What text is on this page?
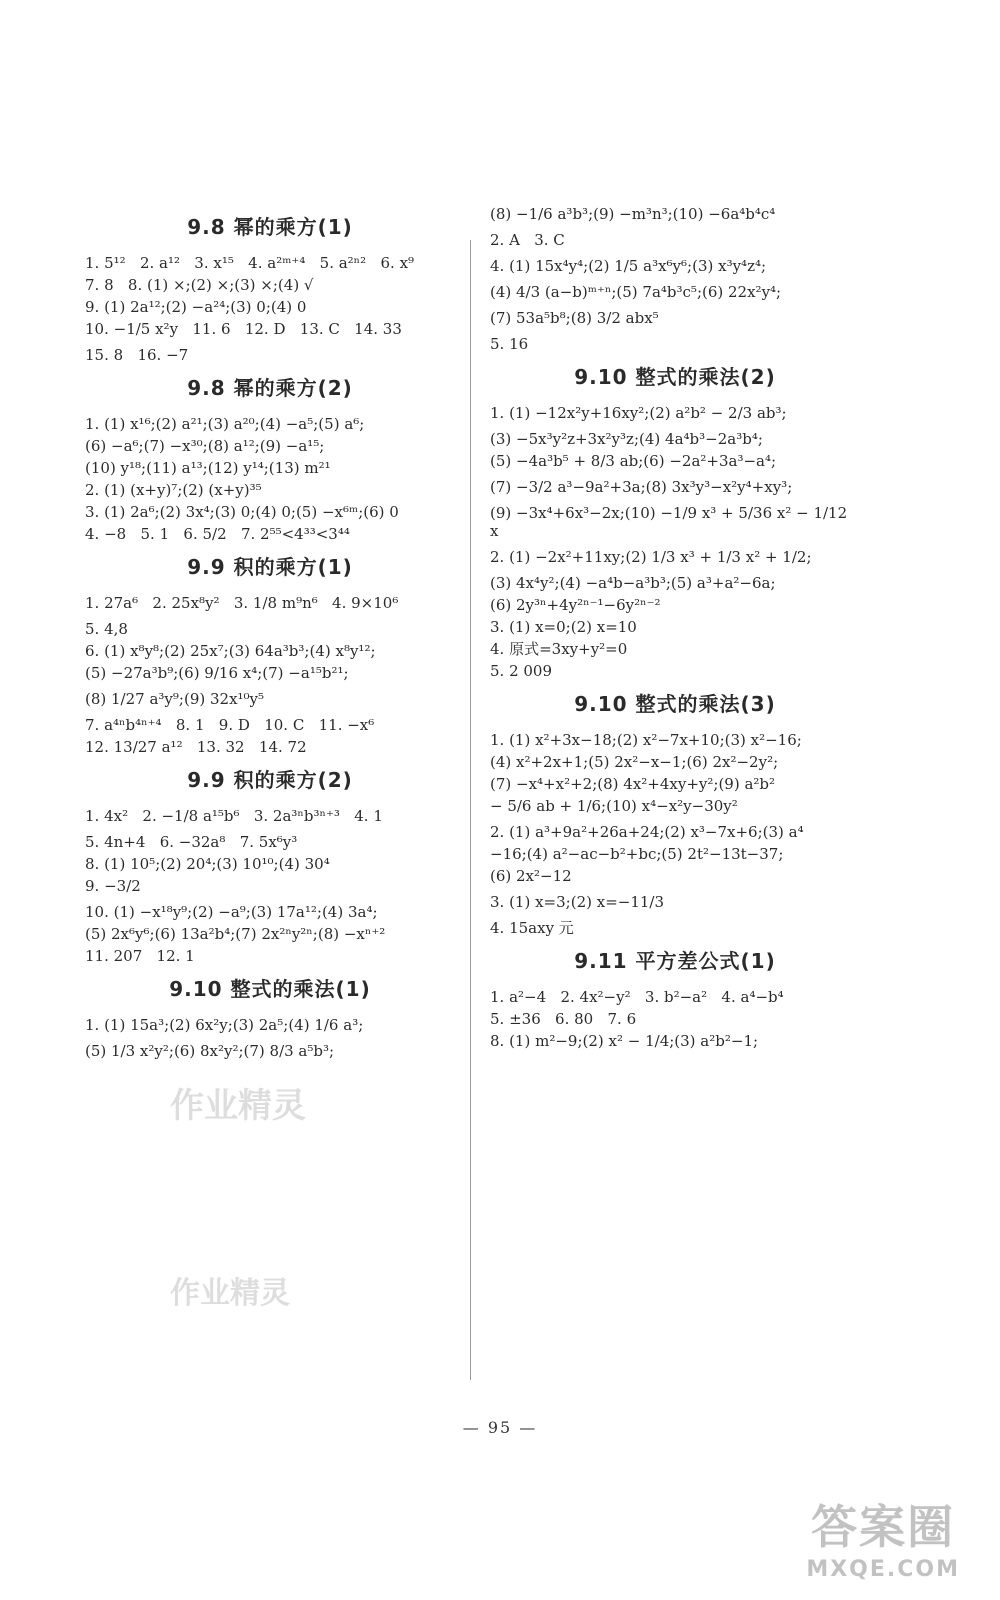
9.8 幂的乘方(1)

1. 5¹²   2. a¹²   3. x¹⁵   4. a²ᵐ⁺⁴   5. a²ⁿ²   6. x⁹

7. 8   8. (1) ×;(2) ×;(3) ×;(4) √

9. (1) 2a¹²;(2) −a²⁴;(3) 0;(4) 0

10. −1/5 x²y   11. 6   12. D   13. C   14. 33

15. 8   16. −7

9.8 幂的乘方(2)

1. (1) x¹⁶;(2) a²¹;(3) a²⁰;(4) −a⁵;(5) a⁶;

(6) −a⁶;(7) −x³⁰;(8) a¹²;(9) −a¹⁵;

(10) y¹⁸;(11) a¹³;(12) y¹⁴;(13) m²¹

2. (1) (x+y)⁷;(2) (x+y)³⁵

3. (1) 2a⁶;(2) 3x⁴;(3) 0;(4) 0;(5) −x⁶ᵐ;(6) 0

4. −8   5. 1   6. 5/2   7. 2⁵⁵<4³³<3⁴⁴

9.9 积的乘方(1)

1. 27a⁶   2. 25x⁸y²   3. 1/8 m⁹n⁶   4. 9×10⁶

5. 4,8

6. (1) x⁸y⁸;(2) 25x⁷;(3) 64a³b³;(4) x⁸y¹²;

(5) −27a³b⁹;(6) 9/16 x⁴;(7) −a¹⁵b²¹;

(8) 1/27 a³y⁹;(9) 32x¹⁰y⁵

7. a⁴ⁿb⁴ⁿ⁺⁴   8. 1   9. D   10. C   11. −x⁶

12. 13/27 a¹²   13. 32   14. 72

9.9 积的乘方(2)

1. 4x²   2. −1/8 a¹⁵b⁶   3. 2a³ⁿb³ⁿ⁺³   4. 1

5. 4n+4   6. −32a⁸   7. 5x⁶y³

8. (1) 10⁵;(2) 20⁴;(3) 10¹⁰;(4) 30⁴

9. −3/2

10. (1) −x¹⁸y⁹;(2) −a⁹;(3) 17a¹²;(4) 3a⁴;

(5) 2x⁶y⁶;(6) 13a²b⁴;(7) 2x²ⁿy²ⁿ;(8) −xⁿ⁺²

11. 207   12. 1

9.10 整式的乘法(1)

1. (1) 15a³;(2) 6x²y;(3) 2a⁵;(4) 1/6 a³;

(5) 1/3 x²y²;(6) 8x²y²;(7) 8/3 a⁵b³;

(8) −1/6 a³b³;(9) −m³n³;(10) −6a⁴b⁴c⁴

2. A   3. C

4. (1) 15x⁴y⁴;(2) 1/5 a³x⁶y⁶;(3) x³y⁴z⁴;

(4) 4/3 (a−b)ᵐ⁺ⁿ;(5) 7a⁴b³c⁵;(6) 22x²y⁴;

(7) 53a⁵b⁸;(8) 3/2 abx⁵

5. 16

9.10 整式的乘法(2)

1. (1) −12x²y+16xy²;(2) a²b² − 2/3 ab³;

(3) −5x³y²z+3x²y³z;(4) 4a⁴b³−2a³b⁴;

(5) −4a³b⁵ + 8/3 ab;(6) −2a²+3a³−a⁴;

(7) −3/2 a³−9a²+3a;(8) 3x³y³−x²y⁴+xy³;

(9) −3x⁴+6x³−2x;(10) −1/9 x³ + 5/36 x² − 1/12 x

2. (1) −2x²+11xy;(2) 1/3 x³ + 1/3 x² + 1/2;

(3) 4x⁴y²;(4) −a⁴b−a³b³;(5) a³+a²−6a;

(6) 2y³ⁿ+4y²ⁿ⁻¹−6y²ⁿ⁻²

3. (1) x=0;(2) x=10

4. 原式=3xy+y²=0

5. 2 009

9.10 整式的乘法(3)

1. (1) x²+3x−18;(2) x²−7x+10;(3) x²−16;

(4) x²+2x+1;(5) 2x²−x−1;(6) 2x²−2y²;

(7) −x⁴+x²+2;(8) 4x²+4xy+y²;(9) a²b²

− 5/6 ab + 1/6;(10) x⁴−x²y−30y²

2. (1) a³+9a²+26a+24;(2) x³−7x+6;(3) a⁴

−16;(4) a²−ac−b²+bc;(5) 2t²−13t−37;

(6) 2x²−12

3. (1) x=3;(2) x=−11/3

4. 15axy 元

9.11 平方差公式(1)

1. a²−4   2. 4x²−y²   3. b²−a²   4. a⁴−b⁴

5. ±36   6. 80   7. 6

8. (1) m²−9;(2) x² − 1/4;(3) a²b²−1;

作业精灵
作业精灵
— 95 —
答案圈
MXQE.COM
